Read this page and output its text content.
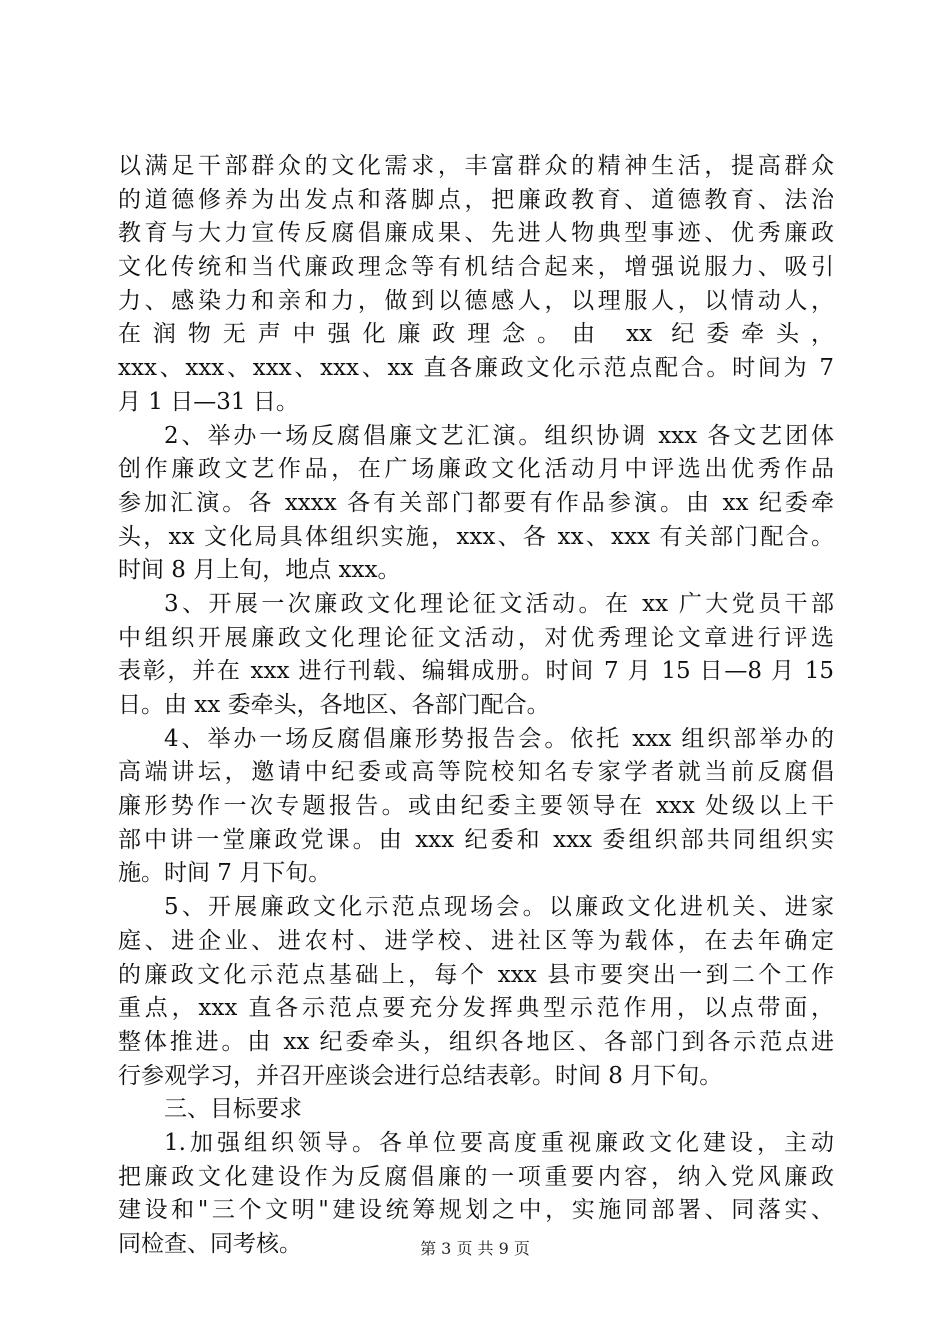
以满足干部群众的文化需求，丰富群众的精神生活，提高群众
的道德修养为出发点和落脚点，把廉政教育、道德教育、法治
教育与大力宣传反腐倡廉成果、先进人物典型事迹、优秀廉政
文化传统和当代廉政理念等有机结合起来，增强说服力、吸引
力、感染力和亲和力，做到以德感人，以理服人，以情动人，
在润物无声中强化廉政理念。由 xx 纪委牵头，
xxx、xxx、xxx、xxx、xx 直各廉政文化示范点配合。时间为 7
月 1 日—31 日。
2、举办一场反腐倡廉文艺汇演。组织协调 xxx 各文艺团体
创作廉政文艺作品，在广场廉政文化活动月中评选出优秀作品
参加汇演。各 xxxx 各有关部门都要有作品参演。由 xx 纪委牵
头，xx 文化局具体组织实施，xxx、各 xx、xxx 有关部门配合。
时间 8 月上旬，地点 xxx。
3、开展一次廉政文化理论征文活动。在 xx 广大党员干部
中组织开展廉政文化理论征文活动，对优秀理论文章进行评选
表彰，并在 xxx 进行刊载、编辑成册。时间 7 月 15 日—8 月 15
日。由 xx 委牵头，各地区、各部门配合。
4、举办一场反腐倡廉形势报告会。依托 xxx 组织部举办的
高端讲坛，邀请中纪委或高等院校知名专家学者就当前反腐倡
廉形势作一次专题报告。或由纪委主要领导在 xxx 处级以上干
部中讲一堂廉政党课。由 xxx 纪委和 xxx 委组织部共同组织实
施。时间 7 月下旬。
5、开展廉政文化示范点现场会。以廉政文化进机关、进家
庭、进企业、进农村、进学校、进社区等为载体，在去年确定
的廉政文化示范点基础上，每个 xxx 县市要突出一到二个工作
重点，xxx 直各示范点要充分发挥典型示范作用，以点带面，
整体推进。由 xx 纪委牵头，组织各地区、各部门到各示范点进
行参观学习，并召开座谈会进行总结表彰。时间 8 月下旬。
三、目标要求
1.加强组织领导。各单位要高度重视廉政文化建设，主动
把廉政文化建设作为反腐倡廉的一项重要内容，纳入党风廉政
建设和"三个文明"建设统筹规划之中，实施同部署、同落实、
同检查、同考核。	第 3 页 共 9 页
